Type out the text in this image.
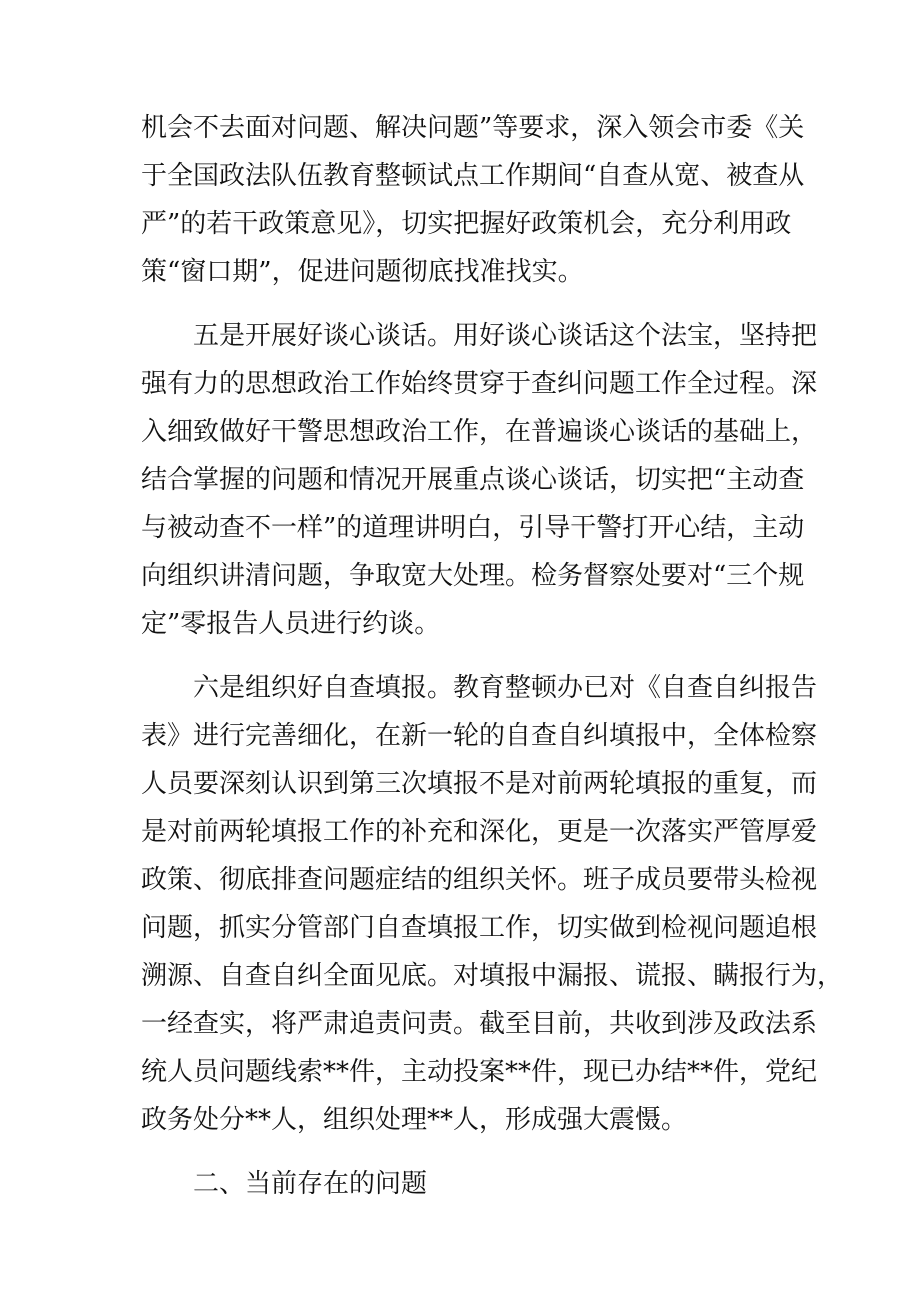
机会不去面对问题、解决问题”等要求，深入领会市委《关
于全国政法队伍教育整顿试点工作期间“自查从宽、被查从
严”的若干政策意见》，切实把握好政策机会，充分利用政
策“窗口期”，促进问题彻底找准找实。
五是开展好谈心谈话。用好谈心谈话这个法宝，坚持把
强有力的思想政治工作始终贯穿于查纠问题工作全过程。深
入细致做好干警思想政治工作，在普遍谈心谈话的基础上，
结合掌握的问题和情况开展重点谈心谈话，切实把“主动查
与被动查不一样”的道理讲明白，引导干警打开心结，主动
向组织讲清问题，争取宽大处理。检务督察处要对“三个规
定”零报告人员进行约谈。
六是组织好自查填报。教育整顿办已对《自查自纠报告
表》进行完善细化，在新一轮的自查自纠填报中，全体检察
人员要深刻认识到第三次填报不是对前两轮填报的重复，而
是对前两轮填报工作的补充和深化，更是一次落实严管厚爱
政策、彻底排查问题症结的组织关怀。班子成员要带头检视
问题，抓实分管部门自查填报工作，切实做到检视问题追根
溯源、自查自纠全面见底。对填报中漏报、谎报、瞒报行为，
一经查实，将严肃追责问责。截至目前，共收到涉及政法系
统人员问题线索**件，主动投案**件，现已办结**件，党纪
政务处分**人，组织处理**人，形成强大震慑。
二、当前存在的问题
